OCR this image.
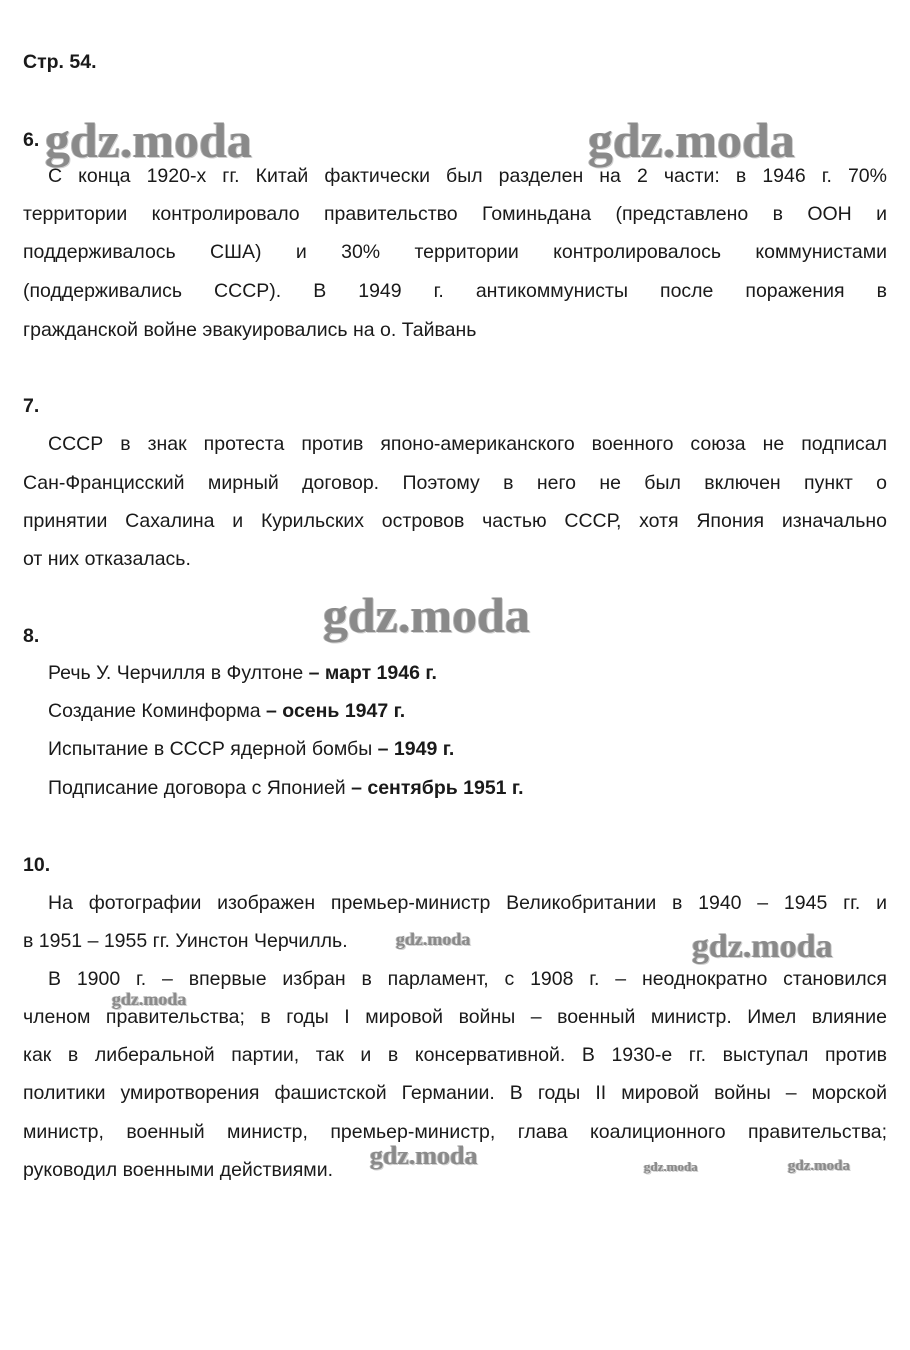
Стр. 54.
6.
С конца 1920-х гг. Китай фактически был разделен на 2 части: в 1946 г. 70%
территории контролировало правительство Гоминьдана (представлено в ООН и
поддерживалось США) и 30% территории контролировалось коммунистами
(поддерживались СССР). В 1949 г. антикоммунисты после поражения в
гражданской войне эвакуировались на о. Тайвань
7.
СССР в знак протеста против японо-американского военного союза не подписал
Сан-Францисский мирный договор. Поэтому в него не был включен пункт о
принятии Сахалина и Курильских островов частью СССР, хотя Япония изначально
от них отказалась.
8.
Речь У. Черчилля в Фултоне – март 1946 г.
Создание Коминформа – осень 1947 г.
Испытание в СССР ядерной бомбы – 1949 г.
Подписание договора с Японией – сентябрь 1951 г.
10.
На фотографии изображен премьер-министр Великобритании в 1940 – 1945 гг. и
в 1951 – 1955 гг. Уинстон Черчилль.
В 1900 г. – впервые избран в парламент, с 1908 г. – неоднократно становился
членом правительства; в годы I мировой войны – военный министр. Имел влияние
как в либеральной партии, так и в консервативной. В 1930-е гг. выступал против
политики умиротворения фашистской Германии. В годы II мировой войны – морской
министр, военный министр, премьер-министр, глава коалиционного правительства;
руководил военными действиями.
gdz.moda	gdz.moda
gdz.moda
gdz.moda	gdz.moda
gdz.moda
gdz.moda	gdz.moda	gdz.moda
